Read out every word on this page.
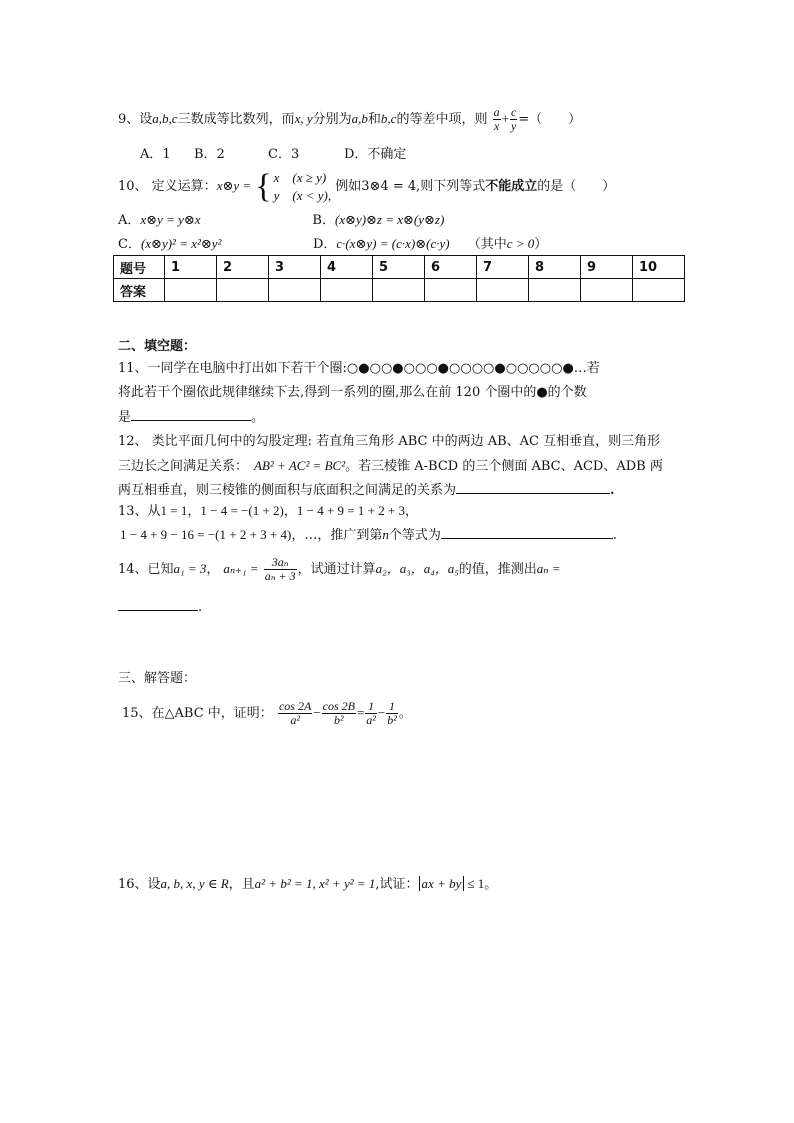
9、设a,b,c三数成等比数列，而x, y分别为a,b和b,c的等差中项，则 $\frac{a}{x} + \frac{c}{y}$ =（　　）
A．1 B．2	C．3	D．不确定
10、 定义运算：x⊗y = { x　(x ≥ y)
y　(x < y),
例如3⊗4 = 4,则下列等式不能成立的是（　　）
A．x⊗y = y⊗x	B．(x⊗y)⊗z = x⊗(y⊗z)
C．(x⊗y)² = x²⊗y²	D．c·(x⊗y) = (c·x)⊗(c·y) （其中c > 0）
题号	1	2	3	4	5	6	7	8	9	10
答案										
二、填空题：
11、一同学在电脑中打出如下若干个圈:○●○○●○○○●○○○○●○○○○○●…若
将此若干个圈依此规律继续下去,得到一系列的圈,那么在前 120 个圈中的●的个数
是	。
12、 类比平面几何中的勾股定理: 若直角三角形 ABC 中的两边 AB、AC 互相垂直，则三角形
三边长之间满足关系： AB² + AC² = BC²。若三棱锥 A-BCD 的三个侧面 ABC、ACD、ADB 两
两互相垂直，则三棱锥的侧面积与底面积之间满足的关系为	.
13、从1 = 1，1 − 4 = −(1 + 2)，1 − 4 + 9 = 1 + 2 + 3，
1 − 4 + 9 − 16 = −(1 + 2 + 3 + 4)，…，推广到第n个等式为	.
14、已知a₁ = 3， $a_{n+1} = \frac{\text{3aₙ}}{\text{aₙ + 3}}$ ，试通过计算a₂，a₃，a₄，a₅的值，推测出aₙ =
.
三、解答题：
15、在△ABC 中，证明： $\frac{\cos 2A}{\text{a²}} - \frac{\cos 2B}{\text{b²}} = \frac{1}{\text{a²}} - \frac{1}{\text{b²}}$ 。
16、设a, b, x, y ∈ R，且a² + b² = 1, x² + y² = 1,试证： ax + by ≤ 1。
